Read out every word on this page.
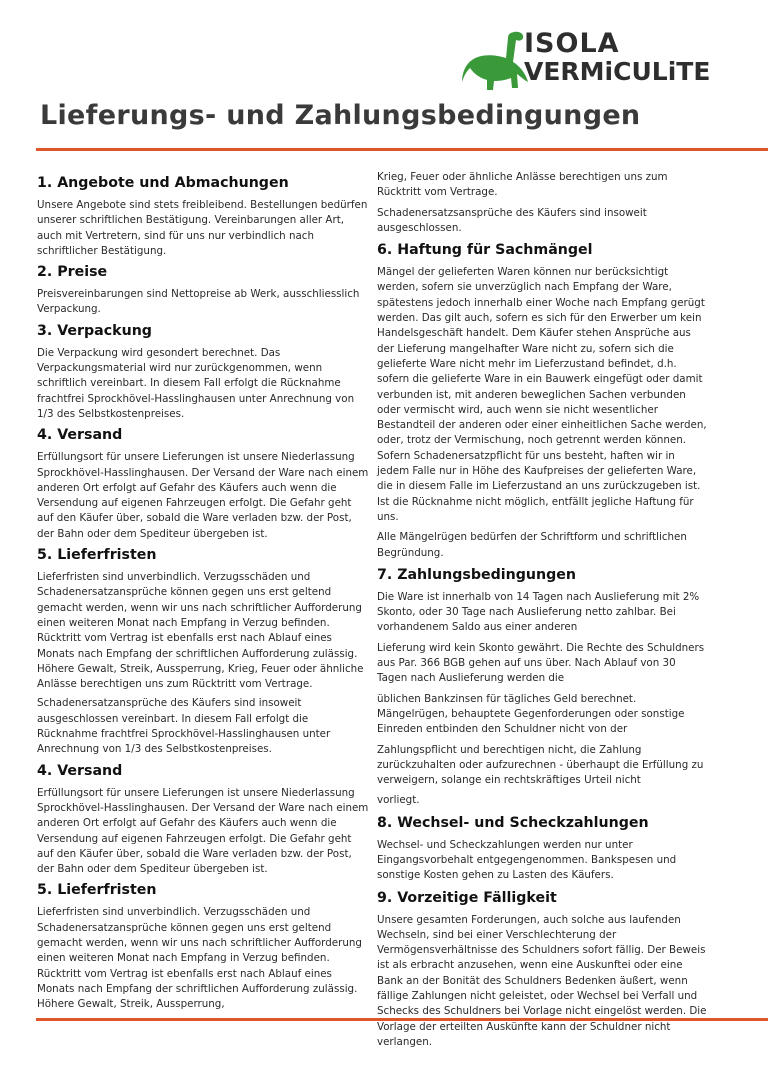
ISOLA
VERMiCULiTE
Lieferungs- und Zahlungsbedingungen
1. Angebote und Abmachungen

Unsere Angebote sind stets freibleibend. Bestellungen bedürfen unserer schriftlichen Bestätigung. Vereinbarungen aller Art, auch mit Vertretern, sind für uns nur verbindlich nach schriftlicher Bestätigung.

2. Preise

Preisvereinbarungen sind Nettopreise ab Werk, ausschliesslich Verpackung.

3. Verpackung

Die Verpackung wird gesondert berechnet. Das Verpackungsmaterial wird nur zurückgenommen, wenn schriftlich vereinbart. In diesem Fall erfolgt die Rücknahme frachtfrei Sprockhövel-Hasslinghausen unter Anrechnung von 1/3 des Selbstkostenpreises.

4. Versand

Erfüllungsort für unsere Lieferungen ist unsere Niederlassung Sprockhövel-Hasslinghausen. Der Versand der Ware nach einem anderen Ort erfolgt auf Gefahr des Käufers auch wenn die Versendung auf eigenen Fahrzeugen erfolgt. Die Gefahr geht auf den Käufer über, sobald die Ware verladen bzw. der Post, der Bahn oder dem Spediteur übergeben ist.

5. Lieferfristen

Lieferfristen sind unverbindlich. Verzugsschäden und Schadenersatzansprüche können gegen uns erst geltend gemacht werden, wenn wir uns nach schriftlicher Aufforderung einen weiteren Monat nach Empfang in Verzug befinden. Rücktritt vom Vertrag ist ebenfalls erst nach Ablauf eines Monats nach Empfang der schriftlichen Aufforderung zulässig. Höhere Gewalt, Streik, Aussperrung, Krieg, Feuer oder ähnliche Anlässe berechtigen uns zum Rücktritt vom Vertrage.

Schadenersatzansprüche des Käufers sind insoweit ausgeschlossen vereinbart. In diesem Fall erfolgt die Rücknahme frachtfrei Sprockhövel-Hasslinghausen unter Anrechnung von 1/3 des Selbstkostenpreises.

4. Versand

Erfüllungsort für unsere Lieferungen ist unsere Niederlassung Sprockhövel-Hasslinghausen. Der Versand der Ware nach einem anderen Ort erfolgt auf Gefahr des Käufers auch wenn die Versendung auf eigenen Fahrzeugen erfolgt. Die Gefahr geht auf den Käufer über, sobald die Ware verladen bzw. der Post, der Bahn oder dem Spediteur übergeben ist.

5. Lieferfristen

Lieferfristen sind unverbindlich. Verzugsschäden und Schadenersatzansprüche können gegen uns erst geltend gemacht werden, wenn wir uns nach schriftlicher Aufforderung einen weiteren Monat nach Empfang in Verzug befinden. Rücktritt vom Vertrag ist ebenfalls erst nach Ablauf eines Monats nach Empfang der schriftlichen Aufforderung zulässig. Höhere Gewalt, Streik, Aussperrung,

Krieg, Feuer oder ähnliche Anlässe berechtigen uns zum Rücktritt vom Vertrage.

Schadenersatzsansprüche des Käufers sind insoweit ausgeschlossen.

6. Haftung für Sachmängel

Mängel der gelieferten Waren können nur berücksichtigt werden, sofern sie unverzüglich nach Empfang der Ware, spätestens jedoch innerhalb einer Woche nach Empfang gerügt werden. Das gilt auch, sofern es sich für den Erwerber um kein Handelsgeschäft handelt. Dem Käufer stehen Ansprüche aus der Lieferung mangelhafter Ware nicht zu, sofern sich die gelieferte Ware nicht mehr im Lieferzustand befindet, d.h. sofern die gelieferte Ware in ein Bauwerk eingefügt oder damit verbunden ist, mit anderen beweglichen Sachen verbunden oder vermischt wird, auch wenn sie nicht wesentlicher Bestandteil der anderen oder einer einheitlichen Sache werden, oder, trotz der Vermischung, noch getrennt werden können. Sofern Schadenersatzpflicht für uns besteht, haften wir in jedem Falle nur in Höhe des Kaufpreises der gelieferten Ware, die in diesem Falle im Lieferzustand an uns zurückzugeben ist. Ist die Rücknahme nicht möglich, entfällt jegliche Haftung für uns.

Alle Mängelrügen bedürfen der Schriftform und schriftlichen Begründung.

7. Zahlungsbedingungen

Die Ware ist innerhalb von 14 Tagen nach Auslieferung mit 2% Skonto, oder 30 Tage nach Auslieferung netto zahlbar. Bei vorhandenem Saldo aus einer anderen

Lieferung wird kein Skonto gewährt. Die Rechte des Schuldners aus Par. 366 BGB gehen auf uns über. Nach Ablauf von 30 Tagen nach Auslieferung werden die

üblichen Bankzinsen für tägliches Geld berechnet. Mängelrügen, behauptete Gegenforderungen oder sonstige Einreden entbinden den Schuldner nicht von der

Zahlungspflicht und berechtigen nicht, die Zahlung zurückzuhalten oder aufzurechnen - überhaupt die Erfüllung zu verweigern, solange ein rechtskräftiges Urteil nicht

vorliegt.

8. Wechsel- und Scheckzahlungen

Wechsel- und Scheckzahlungen werden nur unter Eingangsvorbehalt entgegengenommen. Bankspesen und sonstige Kosten gehen zu Lasten des Käufers.

9. Vorzeitige Fälligkeit

Unsere gesamten Forderungen, auch solche aus laufenden Wechseln, sind bei einer Verschlechterung der Vermögensverhältnisse des Schuldners sofort fällig. Der Beweis ist als erbracht anzusehen, wenn eine Auskunftei oder eine Bank an der Bonität des Schuldners Bedenken äußert, wenn fällige Zahlungen nicht geleistet, oder Wechsel bei Verfall und Schecks des Schuldners bei Vorlage nicht eingelöst werden. Die Vorlage der erteilten Auskünfte kann der Schuldner nicht verlangen.
